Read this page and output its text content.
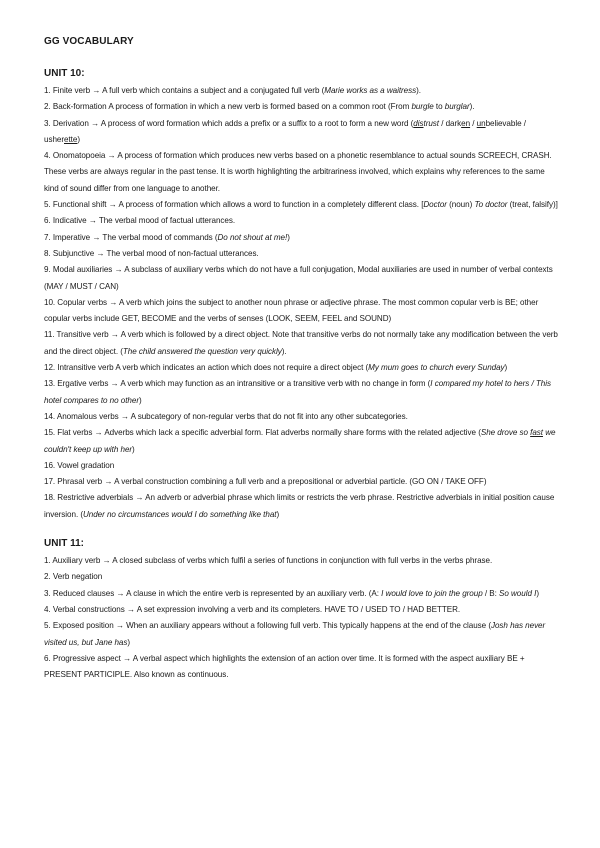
GG VOCABULARY
UNIT 10:

1. Finite verb → A full verb which contains a subject and a conjugated full verb (Marie works as a waitress).

2. Back-formation A process of formation in which a new verb is formed based on a common root (From burgle to burglar).

3. Derivation → A process of word formation which adds a prefix or a suffix to a root to form a new word (distrust / darken / unbelievable / usherette)

4. Onomatopoeia → A process of formation which produces new verbs based on a phonetic resemblance to actual sounds SCREECH, CRASH. These verbs are always regular in the past tense. It is worth highlighting the arbitrariness involved, which explains why references to the same kind of sound differ from one language to another.

5. Functional shift → A process of formation which allows a word to function in a completely different class. [Doctor (noun) To doctor (treat, falsify)]

6. Indicative → The verbal mood of factual utterances.

7. Imperative → The verbal mood of commands (Do not shout at me!)

8. Subjunctive → The verbal mood of non-factual utterances.

9. Modal auxiliaries → A subclass of auxiliary verbs which do not have a full conjugation, Modal auxiliaries are used in number of verbal contexts (MAY / MUST / CAN)

10. Copular verbs → A verb which joins the subject to another noun phrase or adjective phrase. The most common copular verb is BE; other copular verbs include GET, BECOME and the verbs of senses (LOOK, SEEM, FEEL and SOUND)

11. Transitive verb → A verb which is followed by a direct object. Note that transitive verbs do not normally take any modification between the verb and the direct object. (The child answered the question very quickly).

12. Intransitive verb A verb which indicates an action which does not require a direct object (My mum goes to church every Sunday)

13. Ergative verbs → A verb which may function as an intransitive or a transitive verb with no change in form (I compared my hotel to hers / This hotel compares to no other)

14. Anomalous verbs → A subcategory of non-regular verbs that do not fit into any other subcategories.

15. Flat verbs → Adverbs which lack a specific adverbial form. Flat adverbs normally share forms with the related adjective (She drove so fast we couldn't keep up with her)

16. Vowel gradation

17. Phrasal verb → A verbal construction combining a full verb and a prepositional or adverbial particle. (GO ON / TAKE OFF)

18. Restrictive adverbials → An adverb or adverbial phrase which limits or restricts the verb phrase. Restrictive adverbials in initial position cause inversion. (Under no circumstances would I do something like that)

UNIT 11:

1. Auxiliary verb → A closed subclass of verbs which fulfil a series of functions in conjunction with full verbs in the verbs phrase.

2. Verb negation

3. Reduced clauses → A clause in which the entire verb is represented by an auxiliary verb. (A: I would love to join the group / B: So would I)

4. Verbal constructions → A set expression involving a verb and its completers. HAVE TO / USED TO / HAD BETTER.

5. Exposed position → When an auxiliary appears without a following full verb. This typically happens at the end of the clause (Josh has never visited us, but Jane has)

6. Progressive aspect → A verbal aspect which highlights the extension of an action over time. It is formed with the aspect auxiliary BE + PRESENT PARTICIPLE. Also known as continuous.
